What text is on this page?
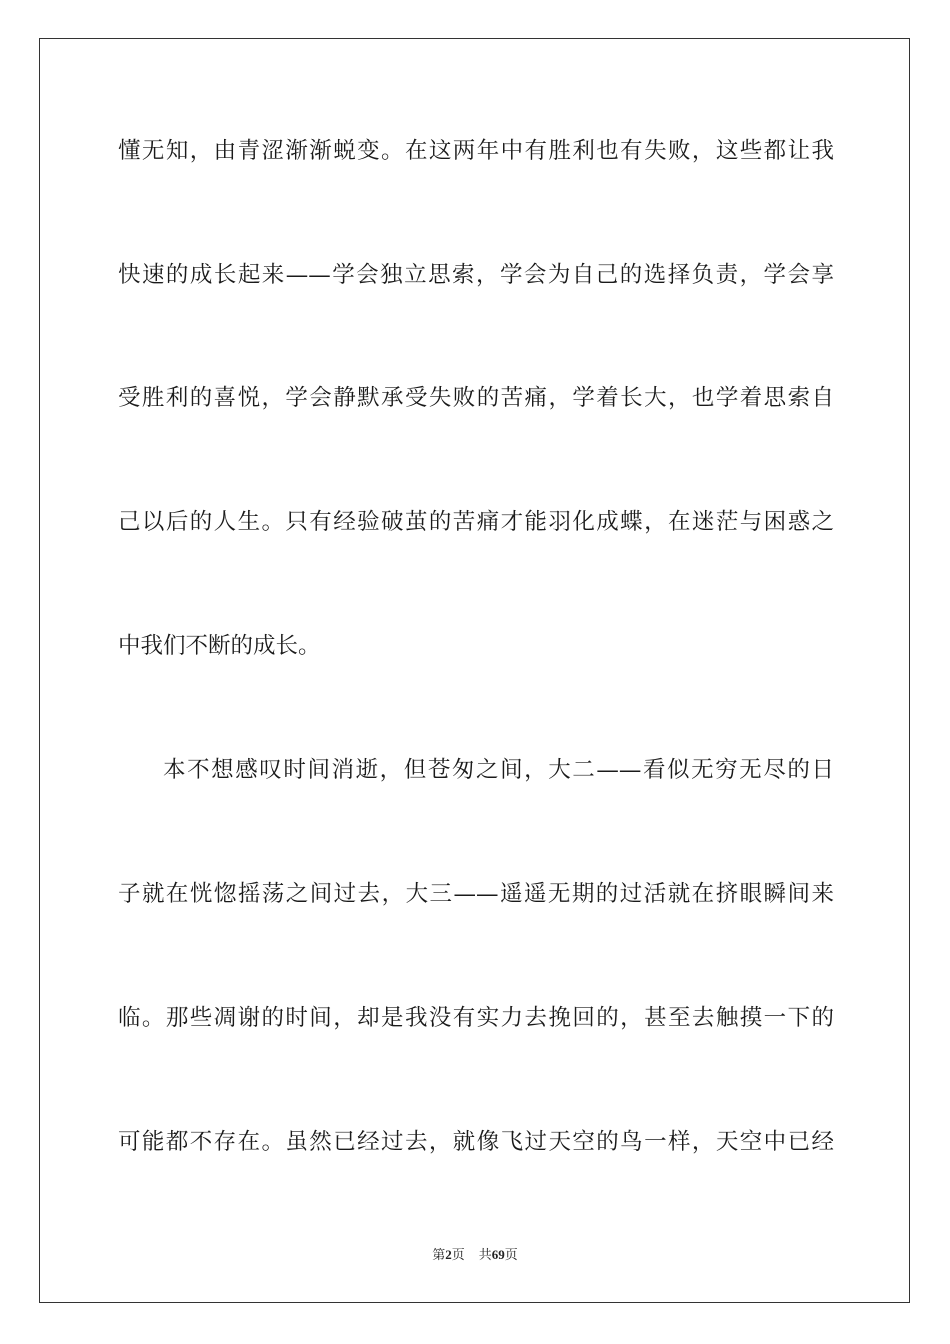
懂无知，由青涩渐渐蜕变。在这两年中有胜利也有失败，这些都让我
快速的成长起来——学会独立思索，学会为自己的选择负责，学会享
受胜利的喜悦，学会静默承受失败的苦痛，学着长大，也学着思索自
己以后的人生。只有经验破茧的苦痛才能羽化成蝶，在迷茫与困惑之
中我们不断的成长。
本不想感叹时间消逝，但苍匆之间，大二——看似无穷无尽的日
子就在恍惚摇荡之间过去，大三——遥遥无期的过活就在挤眼瞬间来
临。那些凋谢的时间，却是我没有实力去挽回的，甚至去触摸一下的
可能都不存在。虽然已经过去，就像飞过天空的鸟一样，天空中已经
第2页 共69页
